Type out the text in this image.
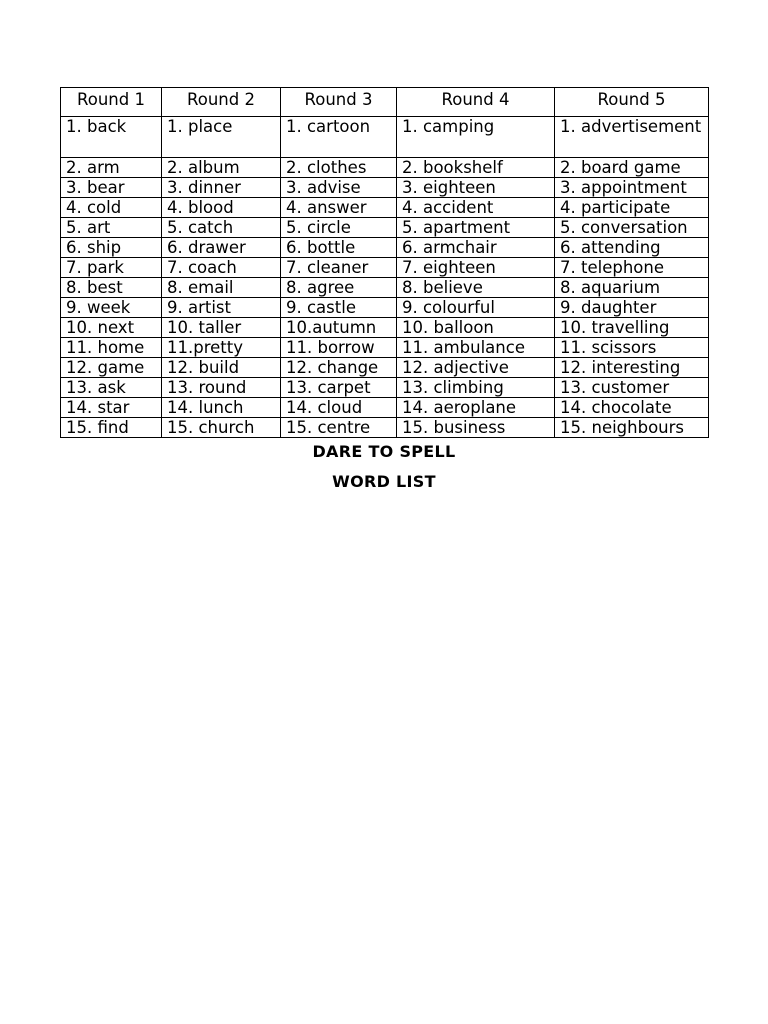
Round 1	Round 2	Round 3	Round 4	Round 5
1. back	1. place	1. cartoon	1. camping	1. advertisement
2. arm	2. album	2. clothes	2. bookshelf	2. board game
3. bear	3. dinner	3. advise	3. eighteen	3. appointment
4. cold	4. blood	4. answer	4. accident	4. participate
5. art	5. catch	5. circle	5. apartment	5. conversation
6. ship	6. drawer	6. bottle	6. armchair	6. attending
7. park	7. coach	7. cleaner	7. eighteen	7. telephone
8. best	8. email	8. agree	8. believe	8. aquarium
9. week	9. artist	9. castle	9. colourful	9. daughter
10. next	10. taller	10.autumn	10. balloon	10. travelling
11. home	11.pretty	11. borrow	11. ambulance	11. scissors
12. game	12. build	12. change	12. adjective	12. interesting
13. ask	13. round	13. carpet	13. climbing	13. customer
14. star	14. lunch	14. cloud	14. aeroplane	14. chocolate
15. find	15. church	15. centre	15. business	15. neighbours
DARE TO SPELL
WORD LIST
